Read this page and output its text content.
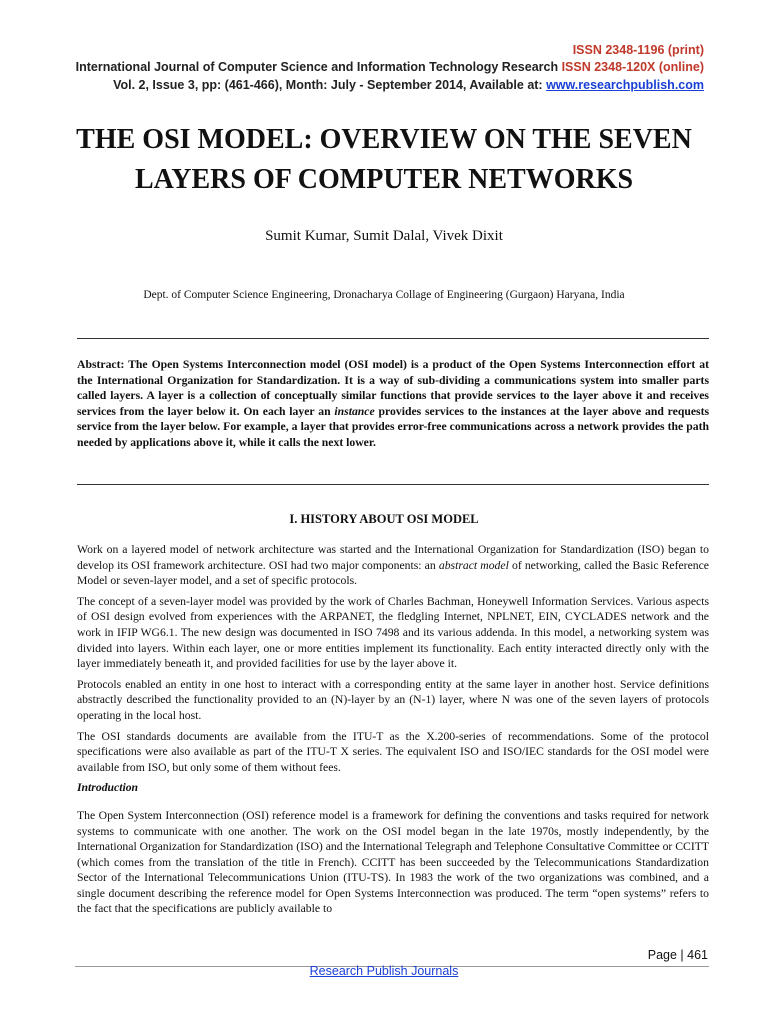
ISSN 2348-1196 (print)
International Journal of Computer Science and Information Technology Research ISSN 2348-120X (online)
Vol. 2, Issue 3, pp: (461-466), Month: July - September 2014, Available at: www.researchpublish.com
THE OSI MODEL: OVERVIEW ON THE SEVEN LAYERS OF COMPUTER NETWORKS
Sumit Kumar, Sumit Dalal, Vivek Dixit
Dept. of Computer Science Engineering, Dronacharya Collage of Engineering (Gurgaon) Haryana, India

Abstract: The Open Systems Interconnection model (OSI model) is a product of the Open Systems Interconnection effort at the International Organization for Standardization. It is a way of sub-dividing a communications system into smaller parts called layers. A layer is a collection of conceptually similar functions that provide services to the layer above it and receives services from the layer below it. On each layer an instance provides services to the instances at the layer above and requests service from the layer below. For example, a layer that provides error-free communications across a network provides the path needed by applications above it, while it calls the next lower.

I. HISTORY ABOUT OSI MODEL

Work on a layered model of network architecture was started and the International Organization for Standardization (ISO) began to develop its OSI framework architecture. OSI had two major components: an abstract model of networking, called the Basic Reference Model or seven-layer model, and a set of specific protocols.

The concept of a seven-layer model was provided by the work of Charles Bachman, Honeywell Information Services. Various aspects of OSI design evolved from experiences with the ARPANET, the fledgling Internet, NPLNET, EIN, CYCLADES network and the work in IFIP WG6.1. The new design was documented in ISO 7498 and its various addenda. In this model, a networking system was divided into layers. Within each layer, one or more entities implement its functionality. Each entity interacted directly only with the layer immediately beneath it, and provided facilities for use by the layer above it.

Protocols enabled an entity in one host to interact with a corresponding entity at the same layer in another host. Service definitions abstractly described the functionality provided to an (N)-layer by an (N-1) layer, where N was one of the seven layers of protocols operating in the local host.

The OSI standards documents are available from the ITU-T as the X.200-series of recommendations. Some of the protocol specifications were also available as part of the ITU-T X series. The equivalent ISO and ISO/IEC standards for the OSI model were available from ISO, but only some of them without fees.

Introduction

The Open System Interconnection (OSI) reference model is a framework for defining the conventions and tasks required for network systems to communicate with one another. The work on the OSI model began in the late 1970s, mostly independently, by the International Organization for Standardization (ISO) and the International Telegraph and Telephone Consultative Committee or CCITT (which comes from the translation of the title in French). CCITT has been succeeded by the Telecommunications Standardization Sector of the International Telecommunications Union (ITU-TS). In 1983 the work of the two organizations was combined, and a single document describing the reference model for Open Systems Interconnection was produced. The term “open systems” refers to the fact that the specifications are publicly available to

Page | 461
Research Publish Journals
